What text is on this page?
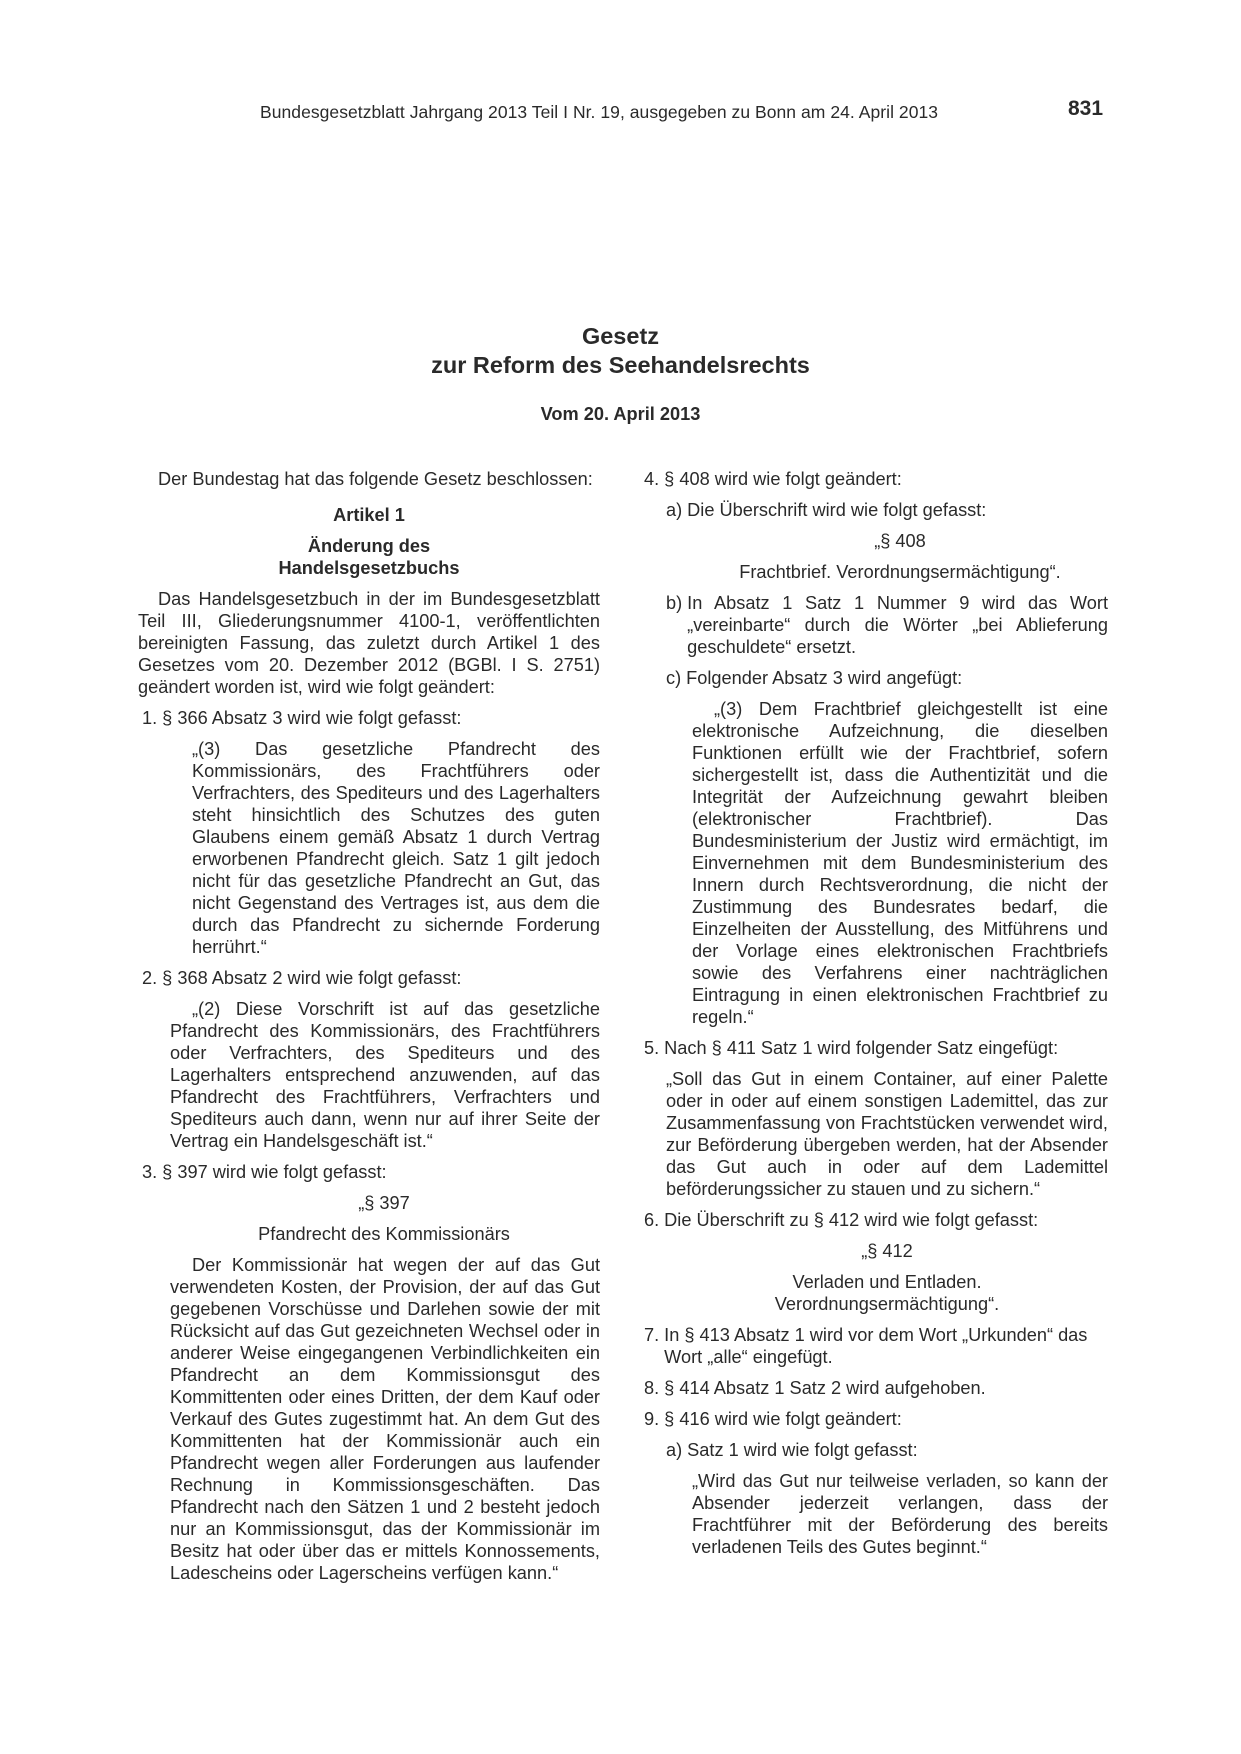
Bundesgesetzblatt Jahrgang 2013 Teil I Nr. 19, ausgegeben zu Bonn am 24. April 2013	831
Gesetz
zur Reform des Seehandelsrechts
Vom 20. April 2013

Der Bundestag hat das folgende Gesetz beschlossen:

Artikel 1

Änderung des

Handelsgesetzbuchs

Das Handelsgesetzbuch in der im Bundesgesetzblatt Teil III, Gliederungsnummer 4100-1, veröffentlichten bereinigten Fassung, das zuletzt durch Artikel 1 des Gesetzes vom 20. Dezember 2012 (BGBl. I S. 2751) geändert worden ist, wird wie folgt geändert:

1. § 366 Absatz 3 wird wie folgt gefasst:

„(3) Das gesetzliche Pfandrecht des Kommissionärs, des Frachtführers oder Verfrachters, des Spediteurs und des Lagerhalters steht hinsichtlich des Schutzes des guten Glaubens einem gemäß Absatz 1 durch Vertrag erworbenen Pfandrecht gleich. Satz 1 gilt jedoch nicht für das gesetzliche Pfandrecht an Gut, das nicht Gegenstand des Vertrages ist, aus dem die durch das Pfandrecht zu sichernde Forderung herrührt.“

2. § 368 Absatz 2 wird wie folgt gefasst:

„(2) Diese Vorschrift ist auf das gesetzliche Pfandrecht des Kommissionärs, des Frachtführers oder Verfrachters, des Spediteurs und des Lagerhalters entsprechend anzuwenden, auf das Pfandrecht des Frachtführers, Verfrachters und Spediteurs auch dann, wenn nur auf ihrer Seite der Vertrag ein Handelsgeschäft ist.“

3. § 397 wird wie folgt gefasst:

„§ 397

Pfandrecht des Kommissionärs

Der Kommissionär hat wegen der auf das Gut verwendeten Kosten, der Provision, der auf das Gut gegebenen Vorschüsse und Darlehen sowie der mit Rücksicht auf das Gut gezeichneten Wechsel oder in anderer Weise eingegangenen Verbindlichkeiten ein Pfandrecht an dem Kommissionsgut des Kommittenten oder eines Dritten, der dem Kauf oder Verkauf des Gutes zugestimmt hat. An dem Gut des Kommittenten hat der Kommissionär auch ein Pfandrecht wegen aller Forderungen aus laufender Rechnung in Kommissionsgeschäften. Das Pfandrecht nach den Sätzen 1 und 2 besteht jedoch nur an Kommissionsgut, das der Kommissionär im Besitz hat oder über das er mittels Konnossements, Ladescheins oder Lagerscheins verfügen kann.“

4. § 408 wird wie folgt geändert:
a) Die Überschrift wird wie folgt gefasst:

„§ 408

Frachtbrief. Verordnungsermächtigung“.

b) In Absatz 1 Satz 1 Nummer 9 wird das Wort „vereinbarte“ durch die Wörter „bei Ablieferung geschuldete“ ersetzt.
c) Folgender Absatz 3 wird angefügt:

„(3) Dem Frachtbrief gleichgestellt ist eine elektronische Aufzeichnung, die dieselben Funktionen erfüllt wie der Frachtbrief, sofern sichergestellt ist, dass die Authentizität und die Integrität der Aufzeichnung gewahrt bleiben (elektronischer Frachtbrief). Das Bundesministerium der Justiz wird ermächtigt, im Einvernehmen mit dem Bundesministerium des Innern durch Rechtsverordnung, die nicht der Zustimmung des Bundesrates bedarf, die Einzelheiten der Ausstellung, des Mitführens und der Vorlage eines elektronischen Frachtbriefs sowie des Verfahrens einer nachträglichen Eintragung in einen elektronischen Frachtbrief zu regeln.“

5. Nach § 411 Satz 1 wird folgender Satz eingefügt:

„Soll das Gut in einem Container, auf einer Palette oder in oder auf einem sonstigen Lademittel, das zur Zusammenfassung von Frachtstücken verwendet wird, zur Beförderung übergeben werden, hat der Absender das Gut auch in oder auf dem Lademittel beförderungssicher zu stauen und zu sichern.“

6. Die Überschrift zu § 412 wird wie folgt gefasst:

„§ 412

Verladen und Entladen.

Verordnungsermächtigung“.

7. In § 413 Absatz 1 wird vor dem Wort „Urkunden“ das Wort „alle“ eingefügt.
8. § 414 Absatz 1 Satz 2 wird aufgehoben.
9. § 416 wird wie folgt geändert:
a) Satz 1 wird wie folgt gefasst:

„Wird das Gut nur teilweise verladen, so kann der Absender jederzeit verlangen, dass der Frachtführer mit der Beförderung des bereits verladenen Teils des Gutes beginnt.“
